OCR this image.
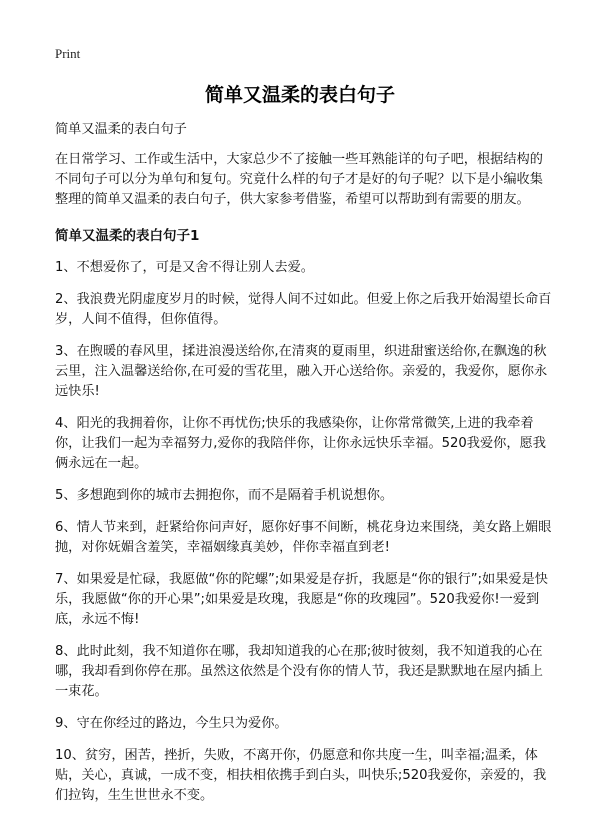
Print
简单又温柔的表白句子

简单又温柔的表白句子

在日常学习、工作或生活中，大家总少不了接触一些耳熟能详的句子吧，根据结构的不同句子可以分为单句和复句。究竟什么样的句子才是好的句子呢？以下是小编收集整理的简单又温柔的表白句子，供大家参考借鉴，希望可以帮助到有需要的朋友。

简单又温柔的表白句子1

1、不想爱你了，可是又舍不得让别人去爱。

2、我浪费光阴虚度岁月的时候，觉得人间不过如此。但爱上你之后我开始渴望长命百岁，人间不值得，但你值得。

3、在煦暖的春风里，揉进浪漫送给你,在清爽的夏雨里，织进甜蜜送给你,在飘逸的秋云里，注入温馨送给你,在可爱的雪花里，融入开心送给你。亲爱的，我爱你，愿你永远快乐!

4、阳光的我拥着你，让你不再忧伤;快乐的我感染你，让你常常微笑,上进的我牵着你，让我们一起为幸福努力,爱你的我陪伴你，让你永远快乐幸福。520我爱你，愿我俩永远在一起。

5、多想跑到你的城市去拥抱你，而不是隔着手机说想你。

6、情人节来到，赶紧给你问声好，愿你好事不间断，桃花身边来围绕，美女路上媚眼抛，对你妩媚含羞笑，幸福姻缘真美妙，伴你幸福直到老!

7、如果爱是忙碌，我愿做“你的陀螺”;如果爱是存折，我愿是“你的银行”;如果爱是快乐，我愿做“你的开心果”;如果爱是玫瑰，我愿是“你的玫瑰园”。520我爱你!一爱到底，永远不悔!

8、此时此刻，我不知道你在哪，我却知道我的心在那;彼时彼刻，我不知道我的心在哪，我却看到你停在那。虽然这依然是个没有你的情人节，我还是默默地在屋内插上一束花。

9、守在你经过的路边，今生只为爱你。

10、贫穷，困苦，挫折，失败，不离开你，仍愿意和你共度一生，叫幸福;温柔，体贴，关心，真诚，一成不变，相扶相依携手到白头，叫快乐;520我爱你，亲爱的，我们拉钩，生生世世永不变。
